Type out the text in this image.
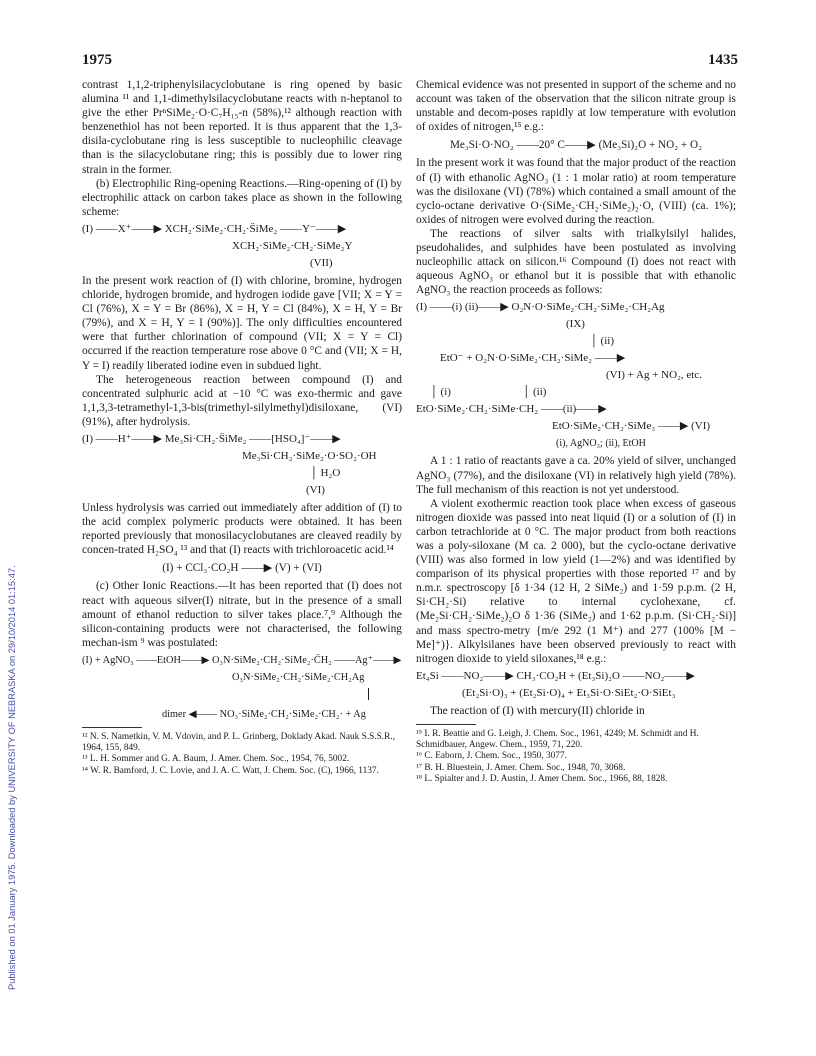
1975	1435
Published on 01 January 1975. Downloaded by UNIVERSITY OF NEBRASKA on 29/10/2014 01:15:47.

contrast 1,1,2-triphenylsilacyclobutane is ring opened by basic alumina ¹¹ and 1,1-dimethylsilacyclobutane reacts with n-heptanol to give the ether PrⁿSiMe₂·O·C₇H₁₅-n (58%),¹² although reaction with benzenethiol has not been reported. It is thus apparent that the 1,3-disila-cyclobutane ring is less susceptible to nucleophilic cleavage than is the silacyclobutane ring; this is possibly due to lower ring strain in the former.

(b) Electrophilic Ring-opening Reactions.—Ring-opening of (I) by electrophilic attack on carbon takes place as shown in the following scheme:

(I) ——X⁺——▶ XCH₂·SiMe₂·CH₂·S̈iMe₂ ——Y⁻——▶
XCH₂·SiMe₂·CH₂·SiMe₂Y
(VII)

In the present work reaction of (I) with chlorine, bromine, hydrogen chloride, hydrogen bromide, and hydrogen iodide gave [VII; X = Y = Cl (76%), X = Y = Br (86%), X = H, Y = Cl (84%), X = H, Y = Br (79%), and X = H, Y = I (90%)]. The only difficulties encountered were that further chlorination of compound (VII; X = Y = Cl) occurred if the reaction temperature rose above 0 °C and (VII; X = H, Y = I) readily liberated iodine even in subdued light.

The heterogeneous reaction between compound (I) and concentrated sulphuric acid at −10 °C was exo-thermic and gave 1,1,3,3-tetramethyl-1,3-bis(trimethyl-silylmethyl)disiloxane, (VI) (91%), after hydrolysis.

(I) ——H⁺——▶ Me₃Si·CH₂·S̈iMe₂ ——[HSO₄]⁻——▶
Me₃Si·CH₂·SiMe₂·O·SO₂·OH
│ H₂O
(VI)

Unless hydrolysis was carried out immediately after addition of (I) to the acid complex polymeric products were obtained. It has been reported previously that monosilacyclobutanes are cleaved readily by concen-trated H₂SO₄ ¹³ and that (I) reacts with trichloroacetic acid.¹⁴

(I) + CCl₃·CO₂H ——▶ (V) + (VI)

(c) Other Ionic Reactions.—It has been reported that (I) does not react with aqueous silver(I) nitrate, but in the presence of a small amount of ethanol reduction to silver takes place.⁷,⁹ Although the silicon-containing products were not characterised, the following mechan-ism ⁹ was postulated:

(I) + AgNO₃ ——EtOH——▶ O₃N·SiMe₂·CH₂·SiMe₂·C̄H₂ ——Ag⁺——▶
O₃N·SiMe₂·CH₂·SiMe₂·CH₂Ag
dimer ◀—— NO₃·SiMe₂·CH₂·SiMe₂·CH₂· + Ag

¹² N. S. Nametkin, V. M. Vdovin, and P. L. Grinberg, Doklady Akad. Nauk S.S.S.R., 1964, 155, 849.

¹³ L. H. Sommer and G. A. Baum, J. Amer. Chem. Soc., 1954, 76, 5002.

¹⁴ W. R. Bamford, J. C. Lovie, and J. A. C. Watt, J. Chem. Soc. (C), 1966, 1137.

Chemical evidence was not presented in support of the scheme and no account was taken of the observation that the silicon nitrate group is unstable and decom-poses rapidly at low temperature with evolution of oxides of nitrogen,¹⁵ e.g.:

Me₃Si·O·NO₂ ——20° C——▶ (Me₃Si)₂O + NO₂ + O₂

In the present work it was found that the major product of the reaction of (I) with ethanolic AgNO₃ (1 : 1 molar ratio) at room temperature was the disiloxane (VI) (78%) which contained a small amount of the cyclo-octane derivative O·(SiMe₂·CH₂·SiMe₂)₂·O, (VIII) (ca. 1%); oxides of nitrogen were evolved during the reaction.

The reactions of silver salts with trialkylsilyl halides, pseudohalides, and sulphides have been postulated as involving nucleophilic attack on silicon.¹⁶ Compound (I) does not react with aqueous AgNO₃ or ethanol but it is possible that with ethanolic AgNO₃ the reaction proceeds as follows:

(I) ——(i) (ii)——▶ O₂N·O·SiMe₂·CH₂·SiMe₂·CH₂Ag
(IX)
│ (ii)
EtO⁻ + O₂N·O·SiMe₂·CH₂·SiMe₂ ——▶
(VI) + Ag + NO₂, etc.
│ (i)                          │ (ii)
EtO·SiMe₂·CH₂·SiMe·CH₂ ——(ii)——▶
EtO·SiMe₂·CH₂·SiMe₃ ——▶ (VI)
(i), AgNO₃; (ii), EtOH

A 1 : 1 ratio of reactants gave a ca. 20% yield of silver, unchanged AgNO₃ (77%), and the disiloxane (VI) in relatively high yield (78%). The full mechanism of this reaction is not yet understood.

A violent exothermic reaction took place when excess of gaseous nitrogen dioxide was passed into neat liquid (I) or a solution of (I) in carbon tetrachloride at 0 °C. The major product from both reactions was a poly-siloxane (M ca. 2 000), but the cyclo-octane derivative (VIII) was also formed in low yield (1—2%) and was identified by comparison of its physical properties with those reported ¹⁷ and by n.m.r. spectroscopy [δ 1·34 (12 H, 2 SiMe₂) and 1·59 p.p.m. (2 H, Si·CH₂·Si) relative to internal cyclohexane, cf. (Me₂Si·CH₂·SiMe₂)₂O δ 1·36 (SiMe₂) and 1·62 p.p.m. (Si·CH₂·Si)] and mass spectro-metry {m/e 292 (1 M⁺) and 277 (100% [M − Me]⁺)}. Alkylsilanes have been observed previously to react with nitrogen dioxide to yield siloxanes,¹⁸ e.g.:

Et₄Si ——NO₂——▶ CH₃·CO₂H + (Et₃Si)₂O ——NO₂——▶
(Et₂Si·O)₃ + (Et₂Si·O)₄ + Et₃Si·O·SiEt₂·O·SiEt₃

The reaction of (I) with mercury(II) chloride in

¹⁵ I. R. Beattie and G. Leigh, J. Chem. Soc., 1961, 4249; M. Schmidt and H. Schmidbauer, Angew. Chem., 1959, 71, 220.

¹⁶ C. Eaborn, J. Chem. Soc., 1950, 3077.

¹⁷ B. H. Bluestein, J. Amer. Chem. Soc., 1948, 70, 3068.

¹⁸ L. Spialter and J. D. Austin, J. Amer Chem. Soc., 1966, 88, 1828.
